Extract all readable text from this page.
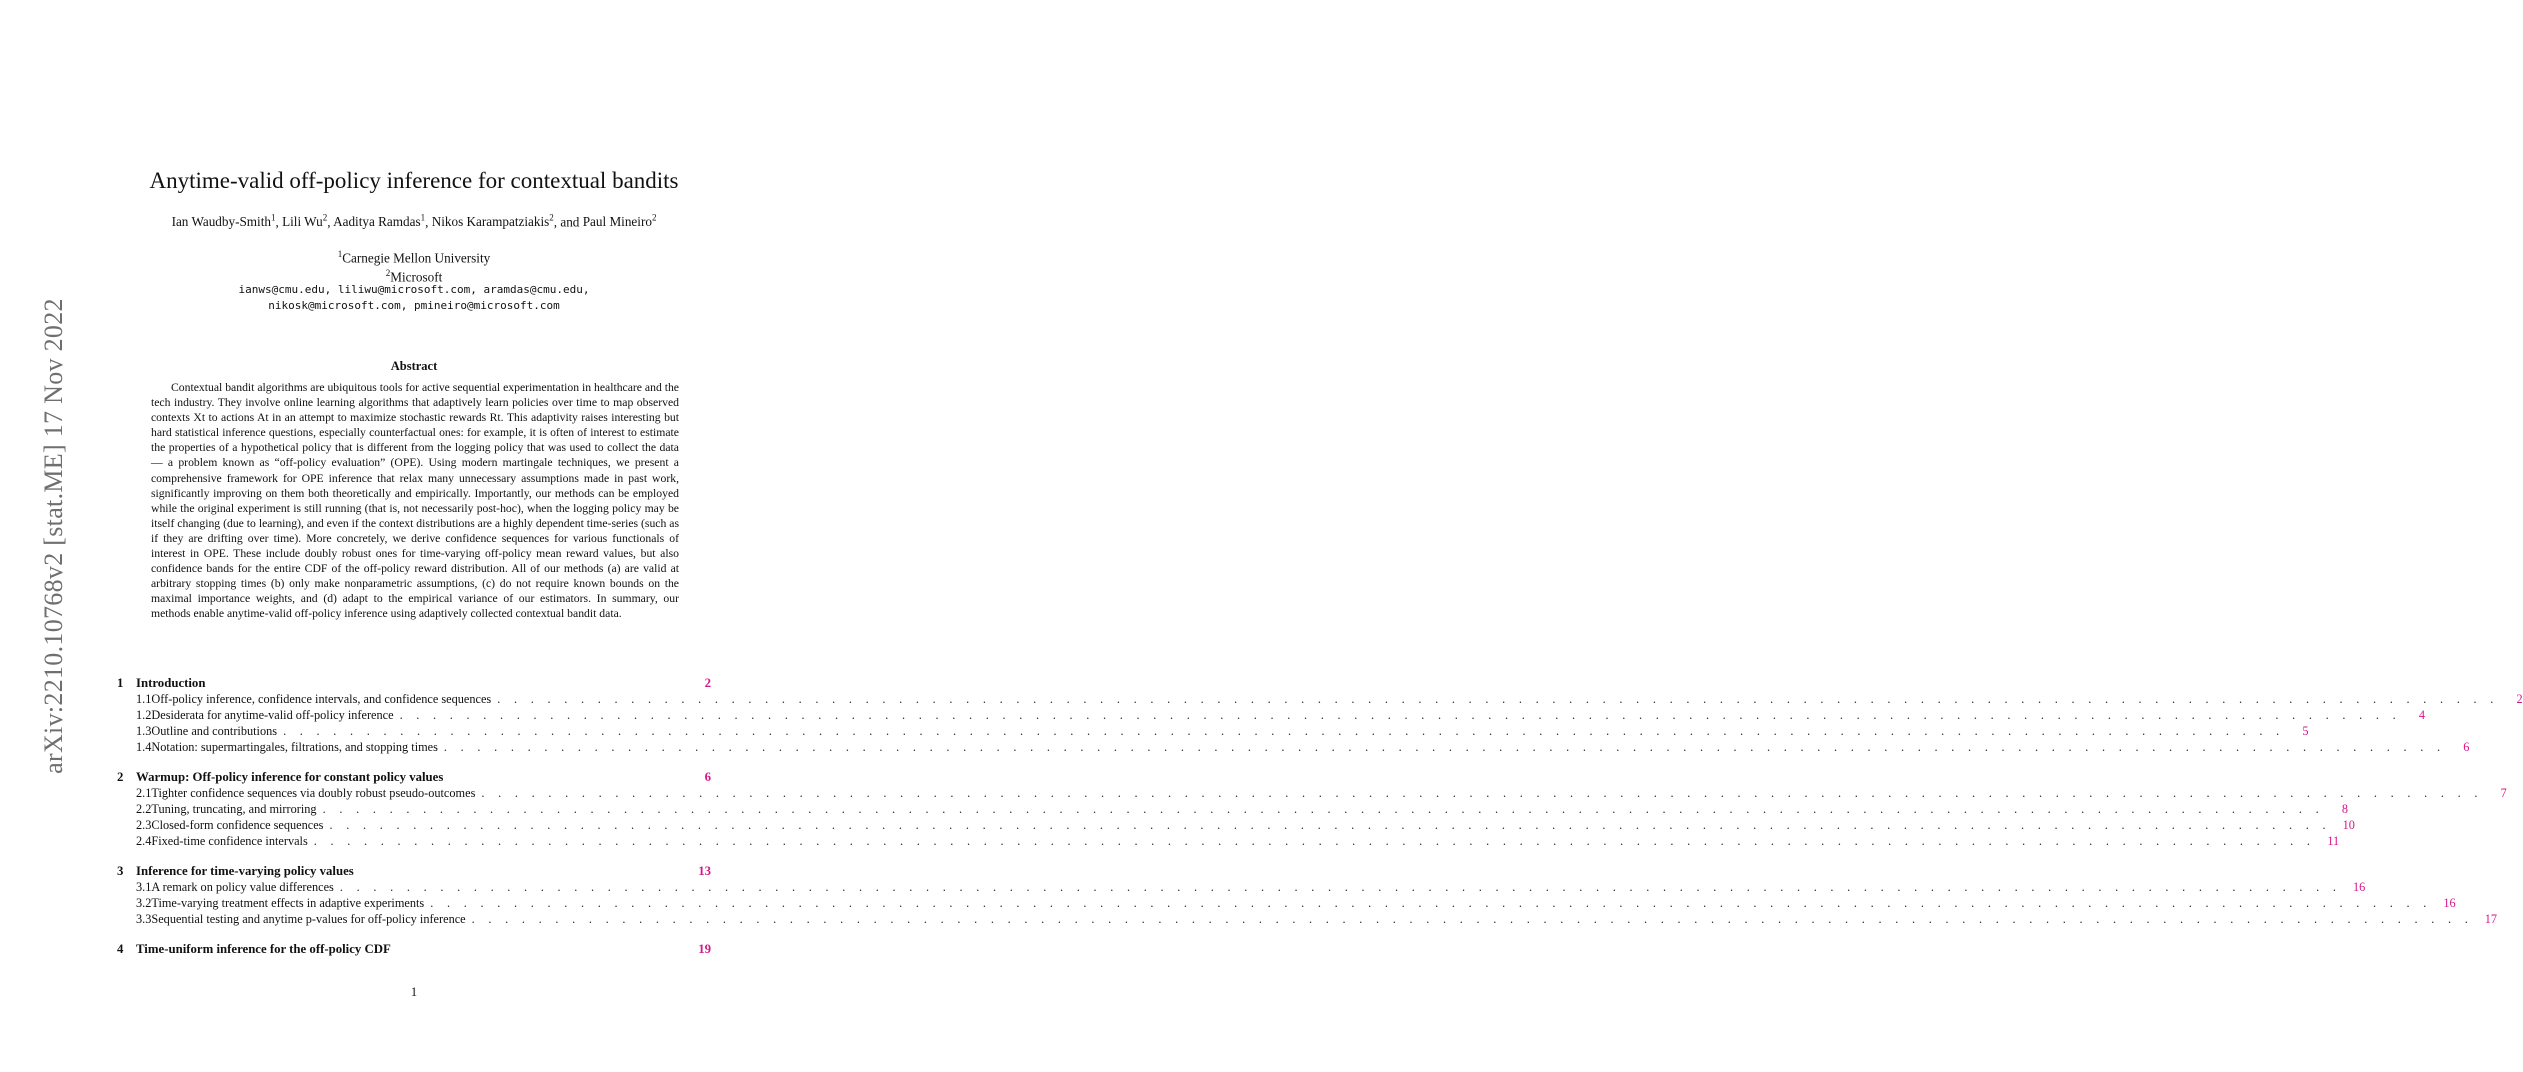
arXiv:2210.10768v2 [stat.ME] 17 Nov 2022
Anytime-valid off-policy inference for contextual bandits
Ian Waudby-Smith$^1$, Lili Wu$^2$, Aaditya Ramdas$^1$, Nikos Karampatziakis$^2$, and Paul Mineiro$^2$
$^1$Carnegie Mellon University
$^2$Microsoft
ianws@cmu.edu, liliwu@microsoft.com, aramdas@cmu.edu,
nikosk@microsoft.com, pmineiro@microsoft.com
Abstract

Contextual bandit algorithms are ubiquitous tools for active sequential experimentation in healthcare and the tech industry. They involve online learning algorithms that adaptively learn policies over time to map observed contexts Xt to actions At in an attempt to maximize stochastic rewards Rt. This adaptivity raises interesting but hard statistical inference questions, especially counterfactual ones: for example, it is often of interest to estimate the properties of a hypothetical policy that is different from the logging policy that was used to collect the data — a problem known as “off-policy evaluation” (OPE). Using modern martingale techniques, we present a comprehensive framework for OPE inference that relax many unnecessary assumptions made in past work, significantly improving on them both theoretically and empirically. Importantly, our methods can be employed while the original experiment is still running (that is, not necessarily post-hoc), when the logging policy may be itself changing (due to learning), and even if the context distributions are a highly dependent time-series (such as if they are drifting over time). More concretely, we derive confidence sequences for various functionals of interest in OPE. These include doubly robust ones for time-varying off-policy mean reward values, but also confidence bands for the entire CDF of the off-policy reward distribution. All of our methods (a) are valid at arbitrary stopping times (b) only make nonparametric assumptions, (c) do not require known bounds on the maximal importance weights, and (d) adapt to the empirical variance of our estimators. In summary, our methods enable anytime-valid off-policy inference using adaptively collected contextual bandit data.

1 Introduction	2
1.1 Off-policy inference, confidence intervals, and confidence sequences . . . . . . . . . . . . . . . . . . . . . . . . . . . . . . . . . . . . . . . . . . . . . . . . . . . . . . . . . . . . . . . . . . . . . . . . . . . . . . . . . . . . . . . . . . . . . . . . . . . . . . . . . . . . . . . . . . . . . . . .	2
1.2 Desiderata for anytime-valid off-policy inference . . . . . . . . . . . . . . . . . . . . . . . . . . . . . . . . . . . . . . . . . . . . . . . . . . . . . . . . . . . . . . . . . . . . . . . . . . . . . . . . . . . . . . . . . . . . . . . . . . . . . . . . . . . . . . . . . . . . . . . .	4
1.3 Outline and contributions . . . . . . . . . . . . . . . . . . . . . . . . . . . . . . . . . . . . . . . . . . . . . . . . . . . . . . . . . . . . . . . . . . . . . . . . . . . . . . . . . . . . . . . . . . . . . . . . . . . . . . . . . . . . . . . . . . . . . . . .	5
1.4 Notation: supermartingales, filtrations, and stopping times . . . . . . . . . . . . . . . . . . . . . . . . . . . . . . . . . . . . . . . . . . . . . . . . . . . . . . . . . . . . . . . . . . . . . . . . . . . . . . . . . . . . . . . . . . . . . . . . . . . . . . . . . . . . . . . . . . . . . . . .	6
2 Warmup: Off-policy inference for constant policy values	6
2.1 Tighter confidence sequences via doubly robust pseudo-outcomes . . . . . . . . . . . . . . . . . . . . . . . . . . . . . . . . . . . . . . . . . . . . . . . . . . . . . . . . . . . . . . . . . . . . . . . . . . . . . . . . . . . . . . . . . . . . . . . . . . . . . . . . . . . . . . . . . . . . . . . .	7
2.2 Tuning, truncating, and mirroring . . . . . . . . . . . . . . . . . . . . . . . . . . . . . . . . . . . . . . . . . . . . . . . . . . . . . . . . . . . . . . . . . . . . . . . . . . . . . . . . . . . . . . . . . . . . . . . . . . . . . . . . . . . . . . . . . . . . . . . .	8
2.3 Closed-form confidence sequences . . . . . . . . . . . . . . . . . . . . . . . . . . . . . . . . . . . . . . . . . . . . . . . . . . . . . . . . . . . . . . . . . . . . . . . . . . . . . . . . . . . . . . . . . . . . . . . . . . . . . . . . . . . . . . . . . . . . . . . . 10
2.4 Fixed-time confidence intervals . . . . . . . . . . . . . . . . . . . . . . . . . . . . . . . . . . . . . . . . . . . . . . . . . . . . . . . . . . . . . . . . . . . . . . . . . . . . . . . . . . . . . . . . . . . . . . . . . . . . . . . . . . . . . . . . . . . . . . . . 11
3 Inference for time-varying policy values	13
3.1 A remark on policy value differences . . . . . . . . . . . . . . . . . . . . . . . . . . . . . . . . . . . . . . . . . . . . . . . . . . . . . . . . . . . . . . . . . . . . . . . . . . . . . . . . . . . . . . . . . . . . . . . . . . . . . . . . . . . . . . . . . . . . . . . . 16
3.2 Time-varying treatment effects in adaptive experiments . . . . . . . . . . . . . . . . . . . . . . . . . . . . . . . . . . . . . . . . . . . . . . . . . . . . . . . . . . . . . . . . . . . . . . . . . . . . . . . . . . . . . . . . . . . . . . . . . . . . . . . . . . . . . . . . . . . . . . . . 16
3.3 Sequential testing and anytime p-values for off-policy inference . . . . . . . . . . . . . . . . . . . . . . . . . . . . . . . . . . . . . . . . . . . . . . . . . . . . . . . . . . . . . . . . . . . . . . . . . . . . . . . . . . . . . . . . . . . . . . . . . . . . . . . . . . . . . . . . . . . . . . . . 17
4 Time-uniform inference for the off-policy CDF	19
1
